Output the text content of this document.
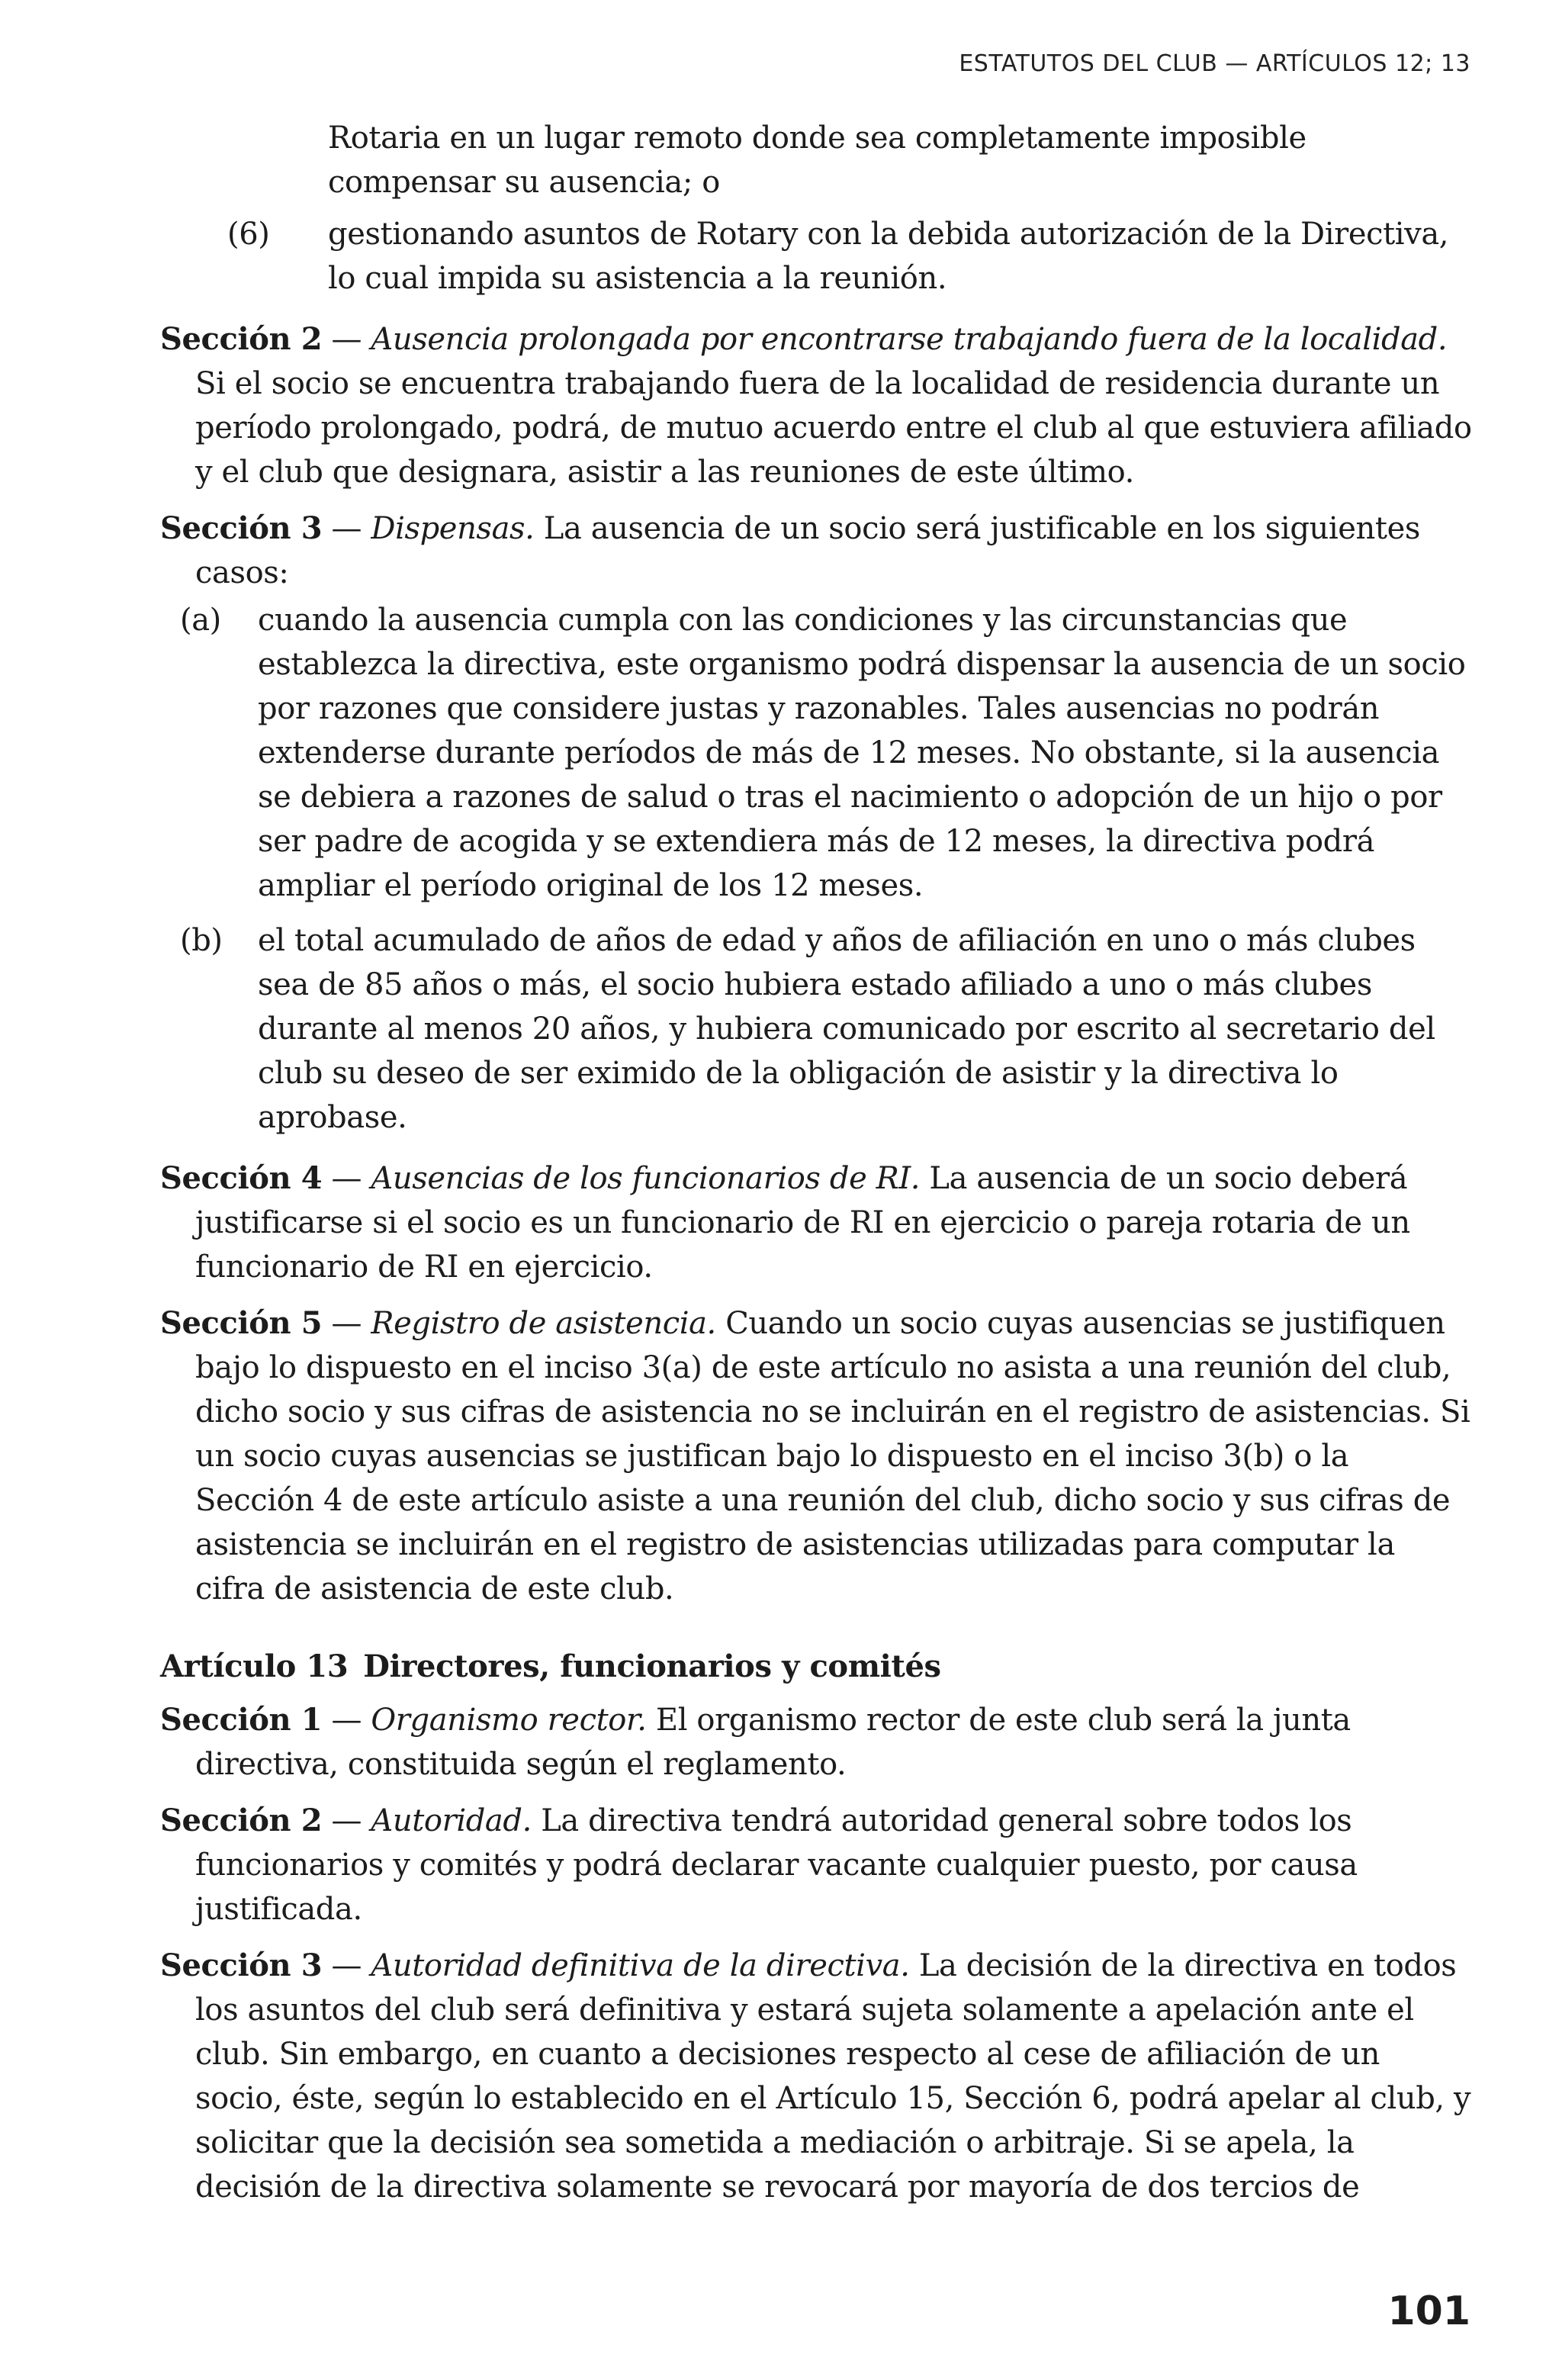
ESTATUTOS DEL CLUB — ARTÍCULOS 12; 13

Rotaria en un lugar remoto donde sea completamente imposible compensar su ausencia; o

(6) gestionando asuntos de Rotary con la debida autorización de la Directiva, lo cual impida su asistencia a la reunión.

Sección 2 — Ausencia prolongada por encontrarse trabajando fuera de la localidad. Si el socio se encuentra trabajando fuera de la localidad de residencia durante un período prolongado, podrá, de mutuo acuerdo entre el club al que estuviera afiliado y el club que designara, asistir a las reuniones de este último.

Sección 3 — Dispensas. La ausencia de un socio será justificable en los siguientes casos:

(a) cuando la ausencia cumpla con las condiciones y las circunstancias que establezca la directiva, este organismo podrá dispensar la ausencia de un socio por razones que considere justas y razonables. Tales ausencias no podrán extenderse durante períodos de más de 12 meses. No obstante, si la ausencia se debiera a razones de salud o tras el nacimiento o adopción de un hijo o por ser padre de acogida y se extendiera más de 12 meses, la directiva podrá ampliar el período original de los 12 meses.

(b) el total acumulado de años de edad y años de afiliación en uno o más clubes sea de 85 años o más, el socio hubiera estado afiliado a uno o más clubes durante al menos 20 años, y hubiera comunicado por escrito al secretario del club su deseo de ser eximido de la obligación de asistir y la directiva lo aprobase.

Sección 4 — Ausencias de los funcionarios de RI. La ausencia de un socio deberá justificarse si el socio es un funcionario de RI en ejercicio o pareja rotaria de un funcionario de RI en ejercicio.

Sección 5 — Registro de asistencia. Cuando un socio cuyas ausencias se justifiquen bajo lo dispuesto en el inciso 3(a) de este artículo no asista a una reunión del club, dicho socio y sus cifras de asistencia no se incluirán en el registro de asistencias. Si un socio cuyas ausencias se justifican bajo lo dispuesto en el inciso 3(b) o la Sección 4 de este artículo asiste a una reunión del club, dicho socio y sus cifras de asistencia se incluirán en el registro de asistencias utilizadas para computar la cifra de asistencia de este club.

Artículo 13 Directores, funcionarios y comités

Sección 1 — Organismo rector. El organismo rector de este club será la junta directiva, constituida según el reglamento.

Sección 2 — Autoridad. La directiva tendrá autoridad general sobre todos los funcionarios y comités y podrá declarar vacante cualquier puesto, por causa justificada.

Sección 3 — Autoridad definitiva de la directiva. La decisión de la directiva en todos los asuntos del club será definitiva y estará sujeta solamente a apelación ante el club. Sin embargo, en cuanto a decisiones respecto al cese de afiliación de un socio, éste, según lo establecido en el Artículo 15, Sección 6, podrá apelar al club, y solicitar que la decisión sea sometida a mediación o arbitraje. Si se apela, la decisión de la directiva solamente se revocará por mayoría de dos tercios de

101
